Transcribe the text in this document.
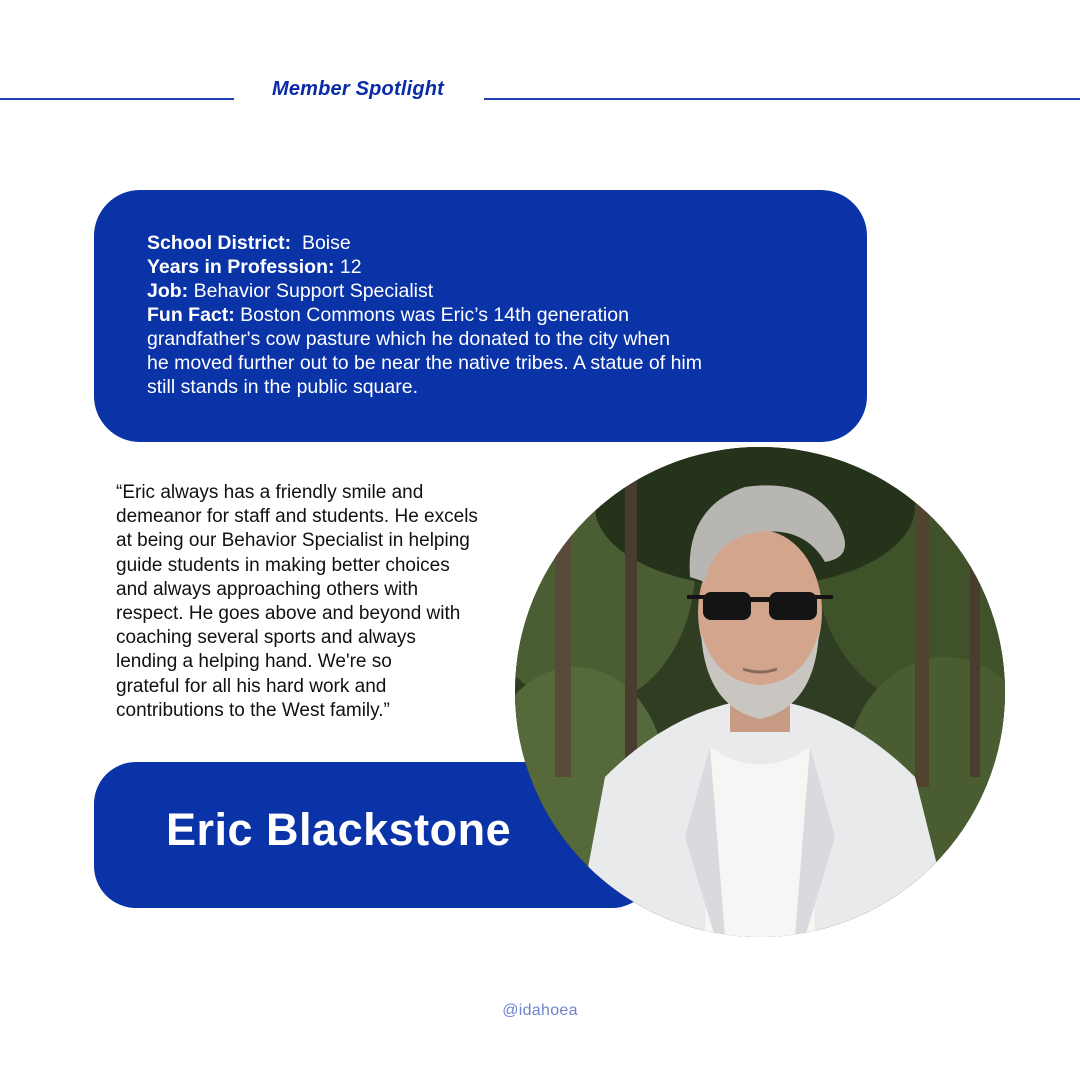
Member Spotlight

School District: Boise

Years in Profession: 12

Job: Behavior Support Specialist

Fun Fact: Boston Commons was Eric’s 14th generation

grandfather's cow pasture which he donated to the city when

he moved further out to be near the native tribes. A statue of him

still stands in the public square.

“Eric always has a friendly smile and
demeanor for staff and students. He excels
at being our Behavior Specialist in helping
guide students in making better choices
and always approaching others with
respect. He goes above and beyond with
coaching several sports and always
lending a helping hand. We're so
grateful for all his hard work and
contributions to the West family.”
Eric Blackstone
@idahoea
